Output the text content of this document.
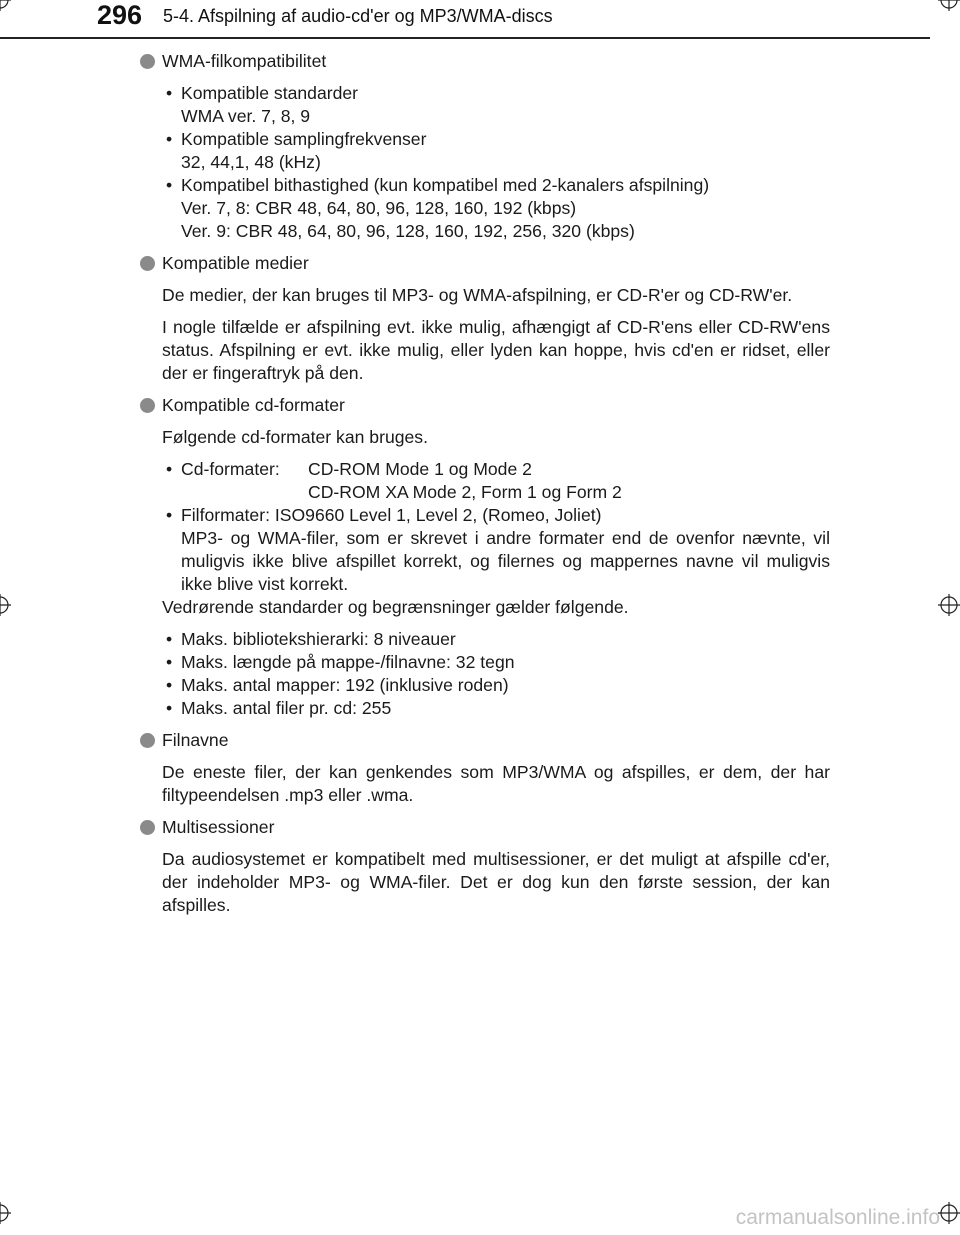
296 5-4. Afspilning af audio-cd'er og MP3/WMA-discs

WMA-filkompatibilitet

• Kompatible standarder
WMA ver. 7, 8, 9
• Kompatible samplingfrekvenser
32, 44,1, 48 (kHz)
• Kompatibel bithastighed (kun kompatibel med 2-kanalers afspilning)
Ver. 7, 8: CBR 48, 64, 80, 96, 128, 160, 192 (kbps)
Ver. 9: CBR 48, 64, 80, 96, 128, 160, 192, 256, 320 (kbps)

Kompatible medier

De medier, der kan bruges til MP3- og WMA-afspilning, er CD-R'er og CD-RW'er.

I nogle tilfælde er afspilning evt. ikke mulig, afhængigt af CD-R'ens eller CD-RW'ens status. Afspilning er evt. ikke mulig, eller lyden kan hoppe, hvis cd'en er ridset, eller der er fingeraftryk på den.

Kompatible cd-formater

Følgende cd-formater kan bruges.

• Cd-formater:	CD-ROM Mode 1 og Mode 2
CD-ROM XA Mode 2, Form 1 og Form 2
• Filformater: ISO9660 Level 1, Level 2, (Romeo, Joliet)
MP3- og WMA-filer, som er skrevet i andre formater end de ovenfor nævnte, vil muligvis ikke blive afspillet korrekt, og filernes og mappernes navne vil muligvis ikke blive vist korrekt.

Vedrørende standarder og begrænsninger gælder følgende.

• Maks. bibliotekshierarki: 8 niveauer
• Maks. længde på mappe-/filnavne: 32 tegn
• Maks. antal mapper: 192 (inklusive roden)
• Maks. antal filer pr. cd: 255

Filnavne

De eneste filer, der kan genkendes som MP3/WMA og afspilles, er dem, der har filtypeendelsen .mp3 eller .wma.

Multisessioner

Da audiosystemet er kompatibelt med multisessioner, er det muligt at afspille cd'er, der indeholder MP3- og WMA-filer. Det er dog kun den første session, der kan afspilles.

carmanualsonline.info
